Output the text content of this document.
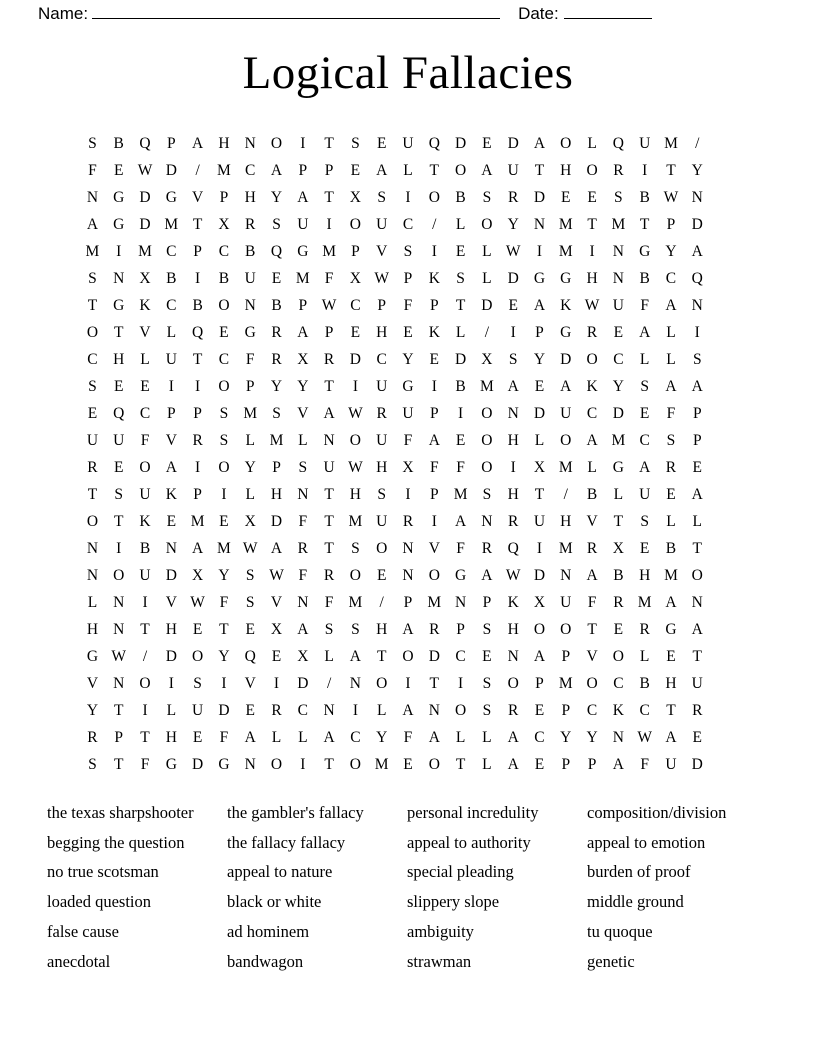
Name:	Date:
Logical Fallacies
S	B	Q	P	A	H	N	O	I	T	S	E	U	Q	D	E	D	A	O	L	Q	U	M	/	
F	E	W	D	/	M	C	A	P	P	E	A	L	T	O	A	U	T	H	O	R	I	T	Y	
N	G	D	G	V	P	H	Y	A	T	X	S	I	O	B	S	R	D	E	E	S	B	W	N	
A	G	D	M	T	X	R	S	U	I	O	U	C	/	L	O	Y	N	M	T	M	T	P	D	
M	I	M	C	P	C	B	Q	G	M	P	V	S	I	E	L	W	I	M	I	N	G	Y	A	
S	N	X	B	I	B	U	E	M	F	X	W	P	K	S	L	D	G	G	H	N	B	C	Q	
T	G	K	C	B	O	N	B	P	W	C	P	F	P	T	D	E	A	K	W	U	F	A	N	
O	T	V	L	Q	E	G	R	A	P	E	H	E	K	L	/	I	P	G	R	E	A	L	I	
C	H	L	U	T	C	F	R	X	R	D	C	Y	E	D	X	S	Y	D	O	C	L	L	S	
S	E	E	I	I	O	P	Y	Y	T	I	U	G	I	B	M	A	E	A	K	Y	S	A	A	
E	Q	C	P	P	S	M	S	V	A	W	R	U	P	I	O	N	D	U	C	D	E	F	P	
U	U	F	V	R	S	L	M	L	N	O	U	F	A	E	O	H	L	O	A	M	C	S	P	
R	E	O	A	I	O	Y	P	S	U	W	H	X	F	F	O	I	X	M	L	G	A	R	E	
T	S	U	K	P	I	L	H	N	T	H	S	I	P	M	S	H	T	/	B	L	U	E	A	
O	T	K	E	M	E	X	D	F	T	M	U	R	I	A	N	R	U	H	V	T	S	L	L	
N	I	B	N	A	M	W	A	R	T	S	O	N	V	F	R	Q	I	M	R	X	E	B	T	
N	O	U	D	X	Y	S	W	F	R	O	E	N	O	G	A	W	D	N	A	B	H	M	O	
L	N	I	V	W	F	S	V	N	F	M	/	P	M	N	P	K	X	U	F	R	M	A	N	
H	N	T	H	E	T	E	X	A	S	S	H	A	R	P	S	H	O	O	T	E	R	G	A	
G	W	/	D	O	Y	Q	E	X	L	A	T	O	D	C	E	N	A	P	V	O	L	E	T	
V	N	O	I	S	I	V	I	D	/	N	O	I	T	I	S	O	P	M	O	C	B	H	U	
Y	T	I	L	U	D	E	R	C	N	I	L	A	N	O	S	R	E	P	C	K	C	T	R	
R	P	T	H	E	F	A	L	L	A	C	Y	F	A	L	L	A	C	Y	Y	N	W	A	E	
S	T	F	G	D	G	N	O	I	T	O	M	E	O	T	L	A	E	P	P	A	F	U	D	
the texas sharpshooter	the gambler's fallacy	personal incredulity	composition/division
begging the question	the fallacy fallacy	appeal to authority	appeal to emotion
no true scotsman	appeal to nature	special pleading	burden of proof
loaded question	black or white	slippery slope	middle ground
false cause	ad hominem	ambiguity	tu quoque
anecdotal	bandwagon	strawman	genetic
